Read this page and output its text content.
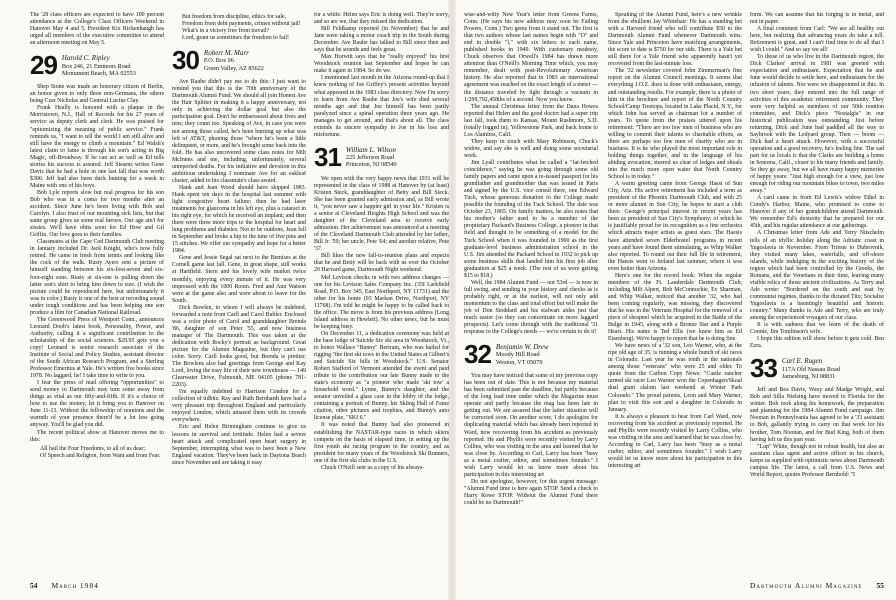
The '28 class officers are expected to have 100 percent attendance at the College's Class Officers Weekend in Hanover May 4 and 5. President Kix Rickenbaugh has urged all members of the executive committee to attend an afternoon meeting on May 5.

29 Harold C. Ripley
Box 246, 21 Emmons Road
Monument Beach, MA 02553

Shep Stone was made an honorary citizen of Berlin, an honor given to only three non-Germans, the others being Czar Nicholas and General Lucius Clay.

Frank Heally is honored with a plaque in the Morristown, N.J., Hall of Records for his 27 years of service as deputy clerk and clerk. He was praised for "epitomizing the meaning of public service." Frank reminds us, "I want to tell the world I am still alive and still have the energy to climb a mountain." Ed Walsh's latest claim to fame is through his son's acting in Big Magic, off-Broadway. If he can act as well as Ed tells stories his success is assured. Jeff Stearns writes Gene Davis that he had a hole in one last fall that was worth $300. Jeff had also been duck hunting for a week in Maine with one of his boys.

Bob Lyle reports slow but real progress for his son Bob who was in a coma for two months after an accident. Since June he's been living with Bob and Carolyn. I also trust of our mounting sick lists, but that same group gives us some real heroes. Our age ain't for sissies. We'll have obits soon for Ed How and Gil Griffin. Our love goes to their families.

Classmates at the Cape Cod Dartmouth Club meeting in January included Dr. Jack Knight, who's now fully retired. He came in fresh from tennis and looking like the cock of the walk. Rusty Ayers sent a picture of himself standing between his six-foot-seven and six-foot-eight sons. Rusty at six-one is pulling down the latter son's shirt to bring him down to size. (I wish the picture could be reproduced here, but unfortunately it was in color.) Rusty is one of the best at recording sound under tough conditions and has been helping one son produce a film for Canadian National Railroad.

The Greenwood Press of Westport Conn., announces Leonard Doob's latest book, Personality, Power, and Authority, calling it a significant contribution to the scholarship of the social sciences. $29.95 gets you a copy! Leonard is senior research associate of the Institute of Social and Policy Studies, assistant director of the South African Research Program, and a Sterling Professor Emeritus at Yale. He's written five books since 1978. No laggard, he! I take time to write to you.

I fear the press of mail offering "opportunities" to send money to Dartmouth may turn some away from things as vital as our fifty-and-fifth. If it's a choice of how to use the money, let it bring you to Hanover on June 11-13. Without the fellowship of reunions and the warmth of your presence there'd be a lot less going anyway. You'll be glad you did.

The recent political show at Hanover moves me to this:

All hail the Four Freedoms, to all of us dear;
Of Speech and Religion, from Want and from Fear.
But freedom from discipline, ethics for sale,
Freedom from debt payments, crimes without jail!
What's in a victory free from travail?
Lord, grant us sometimes the freedom to fail!
30 Robert M. Marr
P.O. Box 96
Green Valley, AZ 85622

Ave Raube didn't pay me to do this: I just want to remind you that this is the 70th anniversary of the Dartmouth Alumni Fund. We should all join Honest Ave the Hair Splitter in making it a happy anniversary, not only in achieving the dollar goal but also the participation goal. Don't be embarrassed about fives and tens; they count too. Speaking of Ave, in case you were not among those called, he's been burning up what was left of AT&T, phoning those "where he's been a little delinquent, or more, and he's brought some back into the fold. He has also uncovered some class notes for Milt McInnes and me, including, unfortunately, several unreported deaths. For his initiative and devotion in this ambitious undertaking I nominate Ave for an oakleaf cluster, added to his classmate's class award.

Hank and Jean Wood should have skipped 1983. Hank spent ten days in the hospital last summer with light congestive heart failure; then he had laser treatments for glaucoma in his left eye, plus a cataract in his right eye, for which he received an implant; and then there were three more trips to the hospital for heart and lung problems and diabetes. Not to be outdone, Jean fell in September and broke a hip to the tune of five pins and 15 stitches. We offer our sympathy and hope for a better 1984.

Gene and Jessie Segal sat next to the Bemises at the Cornell game last fall. Gene, in great shape, still works at Hartfield. Stern and his lovely wife market twice monthly, enjoying every minute of it. He was very impressed with the 1000 Room. Fred and Ann Watson were at the game also and were about to leave for the South.

Dick Bowlen, to whom I will always be indebted, forwarded a note from Carll and Carol Bubler. Enclosed was a color photo of Carol and granddaughter Brenda '86, daughter of son Peter '55, and now business manager of The Dartmouth. This was taken at the dedication with Rocky's portrait as background. Great picture for the Alumni Magazine, but they can't use color. Sorry. Carll looks good, but Brenda is prettier. The Bowlens also had greetings from George and Kay Lord, loving the easy life of their new townhouse — 149 Clearwater Drive, Falmouth, ME 04105 (phone 781-2203).

I'm equally indebted to Harrison Condon for a collection of tidbits: Ray and Ruth Bernhardt have had a very pleasant trip throughout England and particularly enjoyed London, which amazed them with its crowds everywhere.

Eric and Helen Birmingham continue to give us lessons in survival and fortitude. Helen had a severe heart attack and complicated open heart surgery in September, interrupting what was to have been a New England vacation. They've been back in Daytona Beach since November and are taking it easy

for a while. Helen says Eric is doing well. They're sorry, and so are we, that they missed the dedication.

Bill Feldkamp reported (in November) that he and Jane were taking a motor coach trip in the South during December. Ave Raube has talked to Bill since then and says that he sounds and feels great.

Max Horwitt says that he "really enjoyed" his first Woodstock reunion last September and hopes he can make it again in 1984. So do we.

I mentioned last month in the Arizona round-up that I knew nothing of Joe Griffey's present activities beyond what appeared in the 1983 class directory. Now I'm sorry to learn from Ave Raube that Joe's wife died several months ago and that Joe himself has been partly paralyzed since a spinal operation three years ago. He manages to get around, and that's about all. The class extends its sincere sympathy to Joe in his loss and misfortune.

31 William L. Wilson
225 Jefferson Road
Princeton, NJ 08540

We open with the very happy news that 1931 will be represented in the class of 1988 at Hanover by (at least) Kristen Steck, granddaughter of Betty and Bill Steck. She has been granted early admission and, as Bill wrote it, "you never saw a happier girl in your life." Kristen is a senior at Cleveland Heights High School and was the daughter of the Cleveland area to receive early admission. Her achievement was announced at a meeting of the Cleveland Dartmouth Club attended by her father, Bill Jr. '59; her uncle, Pete '64; and another relative, Pete '37.

Bill likes the new fall-to-reunion plans and expects that he and Betty will be back with us over the October 20 Harvard game, Dartmouth Night weekend.

Mel Levison checks in with two address changes — one for his Levison Sales Company Inc. (35I Larkfield Road, P.O. Box 345, East Northport, NY 11731) and the other for his home (93 Markan Drive, Northport, NY 11768). I'm told he might be happy to be called back to the office. The move is from his previous address (Long Island address in Hewlett). No other news, but he must be keeping busy.

On December 11, a dedication ceremony was held at the base lodge of Suicide Six ski area in Woodstock, Vt., to honor Wallace "Bunny" Bertram, who was hailed for rigging "the first ski tows in the United States at Gilbert's and Suicide Six hills in Woodstock." U.S. Senator Robert Stafford of Vermont attended the event and paid tribute to the contribution our late Bunny made to the state's economy as "a pioneer who made 'ski tow' a household word." Lynne, Bunny's daughter, and the senator unveiled a glass case in the lobby of the lodge, containing a portrait of Bunny, his Skiing Hall of Fame citation, other pictures and trophies, and Bunny's auto license plate, "SKI 6."

It was noted that Bunny had also pioneered in establishing the NASTAR-type races in which skiers compete on the basis of elapsed time, in setting up the first youth ski racing program in the country, and as president for many years of the Woodstock Ski Runners, one of the first ski clubs in the U.S.

Chuck O'Neill sent us a copy of his always-

wise-and-witty New Year's letter from Greens Farms, Conn. (He says his new address may soon be Failing Powers, Conn.) Two gems from it stand out. The first is that two authors whose last names begin with "O" and end in double "l," with six letters to each name, published books in 1949. With customary modesty, Chuck observes that Orwell's 1984 has drawn more attention than O'Neill's Morning Time which, you may remember, dealt with post-Revolutionary American history. He also reported that in 1983 an international agreement was reached on the exact length of a meter — the distance traveled by light through a vacuum in 1/299,792,458ths of a second. Now you know.

The annual Christmas letter from the Dana Howes reported that Helen and the good doctor had a super trip last fall, took them to Kansas, Mount Rushmore, S.D. (totally fogged in), Yellowstone Park, and back home to Los Alamitos, Calif.

They keep in touch with Mary Robinson, Chuck's widow, and say she is well and doing some secretarial work.

Jim Lyall contributes what he called a "fat-fetched coincidence," saying he was going through some old family papers and came upon a re-issued passport for his grandfather and grandmother that was issued in Paris and signed by the U.S. vice consul there, one Edward Tuck, whose generous donation to the College made possible the founding of the Tuck School. The date was October 23, 1865. On family matters, he also notes that his mother's father used to be a member of the proprietary Packard's Business College, a pioneer in that field and thought to be something of a model for the Tuck School when it was founded in 1900 as the first graduate-level business administration school in the U.S. Jim attended the Packard School in 1932 to pick up some business skills that landed him his first job after graduation at $25 a week. (The rest of us were getting $15 to $18.)

Well, the 1984 Alumni Fund — our 53rd — is now in full swing, and sending in your history and checks as is probably right, or at the earliest, will not only add momentum to the class and total effort but will make the job of Don Stoddard and his stalwart aides just that much easier (so they can concentrate on more laggard prospects). Let's come through with the traditional '31 response to the College's needs — we're certain to do it!

32 Benjamin W. Drew
Moody Hill Road
Weston, VT 05079

You may have noticed that some of my previous copy has been out of date. This is not because my material has been submitted past the deadline, but partly because of the long lead time under which the Magazine must operate and partly because the mag has been late in getting out. We are assured that the latter situation will be corrected soon. On another score, I do apologize for duplicating material which has already been reported in Ward, now recovering from his accident as previously reported. He and Phyllis were recently visited by Larry Collins, who was visiting in the area and learned that he was close by. According to Carl, Larry has been "busy as a metal crafter, editor, and sometimes founder." I wish Larry would let us know more about his participation in this interesting art

Do not apologize, however, for this urgent message: "Alumni Fund time is here again STOP. Send a check to Harry Rowe STOP. Without the Alumni Fund there could be no Dartmouth!"

Speaking of the Alumni Fund, here's a new wrinkle from the ebullient Jay Whitehair: He has a standing bet with a Harvard friend who will contribute $50 to the Dartmouth Alumni Fund whenever Dartmouth wins. Since Yale and Princeton have matching arrangements, the score to date is $750 for our side. There is a Yale bet still there for a Yale friend who apparently hasn't yet recovered from the last-minute loss.

The '32 newsletter covered John Zimmerman's fine report on the Alumni Council meetings. It seems that everything J.O.Z. does is done with enthusiasm, energy, and outstanding results. For example, there is a photo of him in the brochure and report of the North Country School/Camp Treetops, located in Lake Placid, N.Y., for which John has served as chairman for a number of years. To quote from the praises uttered upon his retirement: "There are too few men of business who are willing to commit their talents to charitable efforts, as there are perhaps too few men of charity who are in business. It is he who played the most important role in holding things together, and in the language of his abiding avocation, steered us clear of ledges and shoals into the much more open water that North Country School is in today."

A warm greeting came from George Hassi of Sun City, Ariz. His active retirement has included a term as president of the Phoenix Dartmouth Club, and with 25 or more alumni in Sun City, he hopes to start a club there. George's principal interest in recent years has been as president of Sun City's Symphony; of which he is justifiably proud for its recognition as a fine orchestra which attracts major artists as guest stars. The Haesis have attended seven Elderhostel programs in recent years and have found them stimulating, as Whip Walker also reported. To round out their full life in retirement, the Haesis went to Ireland last summer, where it was even hotter than Arizona.

Here's one for the record book: When the regular members of the Ft. Lauderdale Dartmouth Club, including Milt Alpert, Bob McConnochie, Ev Sharman, and Whip Walker, noticed that another '32, who had been coming regularly, was missing, they discovered that he was in the Veterans Hospital for the removal of a piece of shrapnel which he acquired in the Battle of the Bulge in 1945, along with a Bronze Star and a Purple Heart. His name is Ted Ellis (we knew him as Ed Eisenberg). We're happy to report that he is doing fine.

We have news of a '32 son, Leo Warner, who, at the ripe old age of 35, is running a whole bunch of ski races in Colorado. Last year he was tenth in the nationals among those "veterans" who were 25 and older. To quote from the Carbon Copy News: "Castle rancher turned ski racer Leo Warner won the Copenhagen/Skoal dual giant slalom last weekend at Winter Park Colorado." The proud parents, Leon and Mary Warner, plan to visit this son and a daughter in Colorado in January.

It is always a pleasure to hear from Carl Ward, now recovering from his accident as previously reported. He and Phyllis were recently visited by Larry Collins, who was visiting in the area and learned that he was close by. According to Carl, Larry has been "busy as a metal crafter, editor, and sometimes founder." I wish Larry would let us know more about his participation in this interesting art

form. We can assume that his forging is in metal, and not in paper.

A final comment from Carl: "We are all healthy out here, but realizing that advancing years do take a toll. Retirement is great, and I can't find time to do all that I wish I could." And so say we all!

To those of us who live in the Dartmouth region, the Dick Clarkes' arrival in 1981 was greeted with expectation and enthusiasm. Expectation that he and Iune would decide to settle here, and enthusiasm for the infusion of talents. Nor were we disappointed in this. In two short years, they entered into the full range of activities of this academic retirement community. They were very helpful as members of our 50th reunion committee, and Dick's piece "Nostalgia" in our historical publication was outstanding. Just before returning, Dick and June had paddled all the way to Saybrook with the Ledyard group. Then — boom — Dick had a heart attack. However, with a successful operation and a good recovery, he's feeling fine. The sad part for us locals is that the Clarks are building a home in Sonoma, Calif., closer to his many friends and family. So they go away, but we all have many happy memories of happy years: "Just high enough for a view, just low enough for riding our mountain bikes to town, two miles away."

A card came in from Ed Lewis's widow Ethel in Cundy's Harbor, Maine, who promised to come to Hanover if any of her grandchildren attend Dartmouth. We remember Ed's dexterity that he prepared for our 45th, and his regular attendance at our gatherings.

A Christmas letter from Ade and Terry Nitschelm tells of an idyllic holiday along the Adriatic coast in Yugoslavia in November. From Trieste to Dubrovnik, they visited many lakes, waterfalls, and off-shore islands, while indulging in the exciting history of the region which had been controlled by the Greeks, the Romans, and the Venetians in their time, leaving many visible relics of those ancient civilizations. As Terry and Ade wrote: "Bordered on the south and east by communist regimes, thanks to the dictated Tito; Socialist Yugoslavia is a hauntingly beautiful and historic country." Many thanks to Ade and Terry, who are truly among the experienced voyagers of our class.

It is with sadness that we learn of the death of Connie, Jim Tomlinson's wife.

I hope this edition will show before it gets cold. Ben Ezra.

33 Carl E. Rugen
117A Old Nassau Road
Jamesburg, NJ 08831

Jeff and Bea Davis, Waxy and Madge Wright, and Bob and Silla Nielsing have moved to Florida for the winter. Bob took along his homework, the preparation and planning for the 1984 Alumni Fund campaign. Jim Noonan in Pennsylvania has agreed to be a '33 assistant to Bob, gallantly trying to carry on that work for his brother, Tom Noonan, and for Bud King, both of them having left us this past year.

"Lup" White, though not in robust health, but also an assistant class agent and active officer in his church, keeps us supplied with optimistic news about Dartmouth campus life. The latest, a call from U.S. News and World Report, quotes Professor Bernhold: "I

54 March 1984	Dartmouth Alumni Magazine 55
